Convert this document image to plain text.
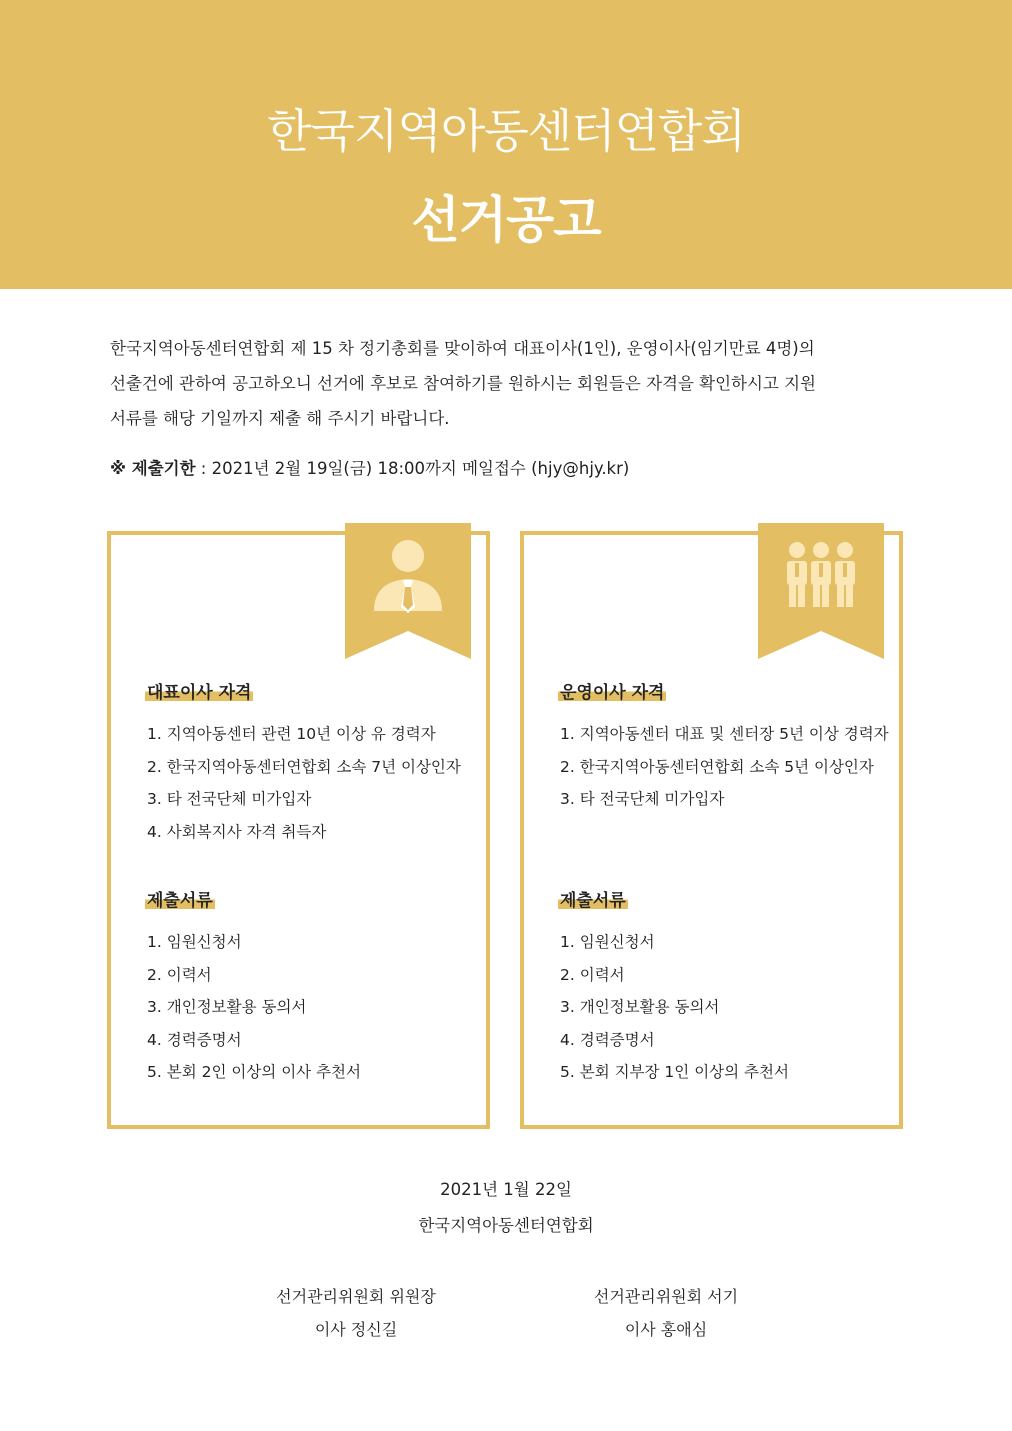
한국지역아동센터연합회
선거공고

한국지역아동센터연합회 제 15 차 정기총회를 맞이하여 대표이사(1인), 운영이사(임기만료 4명)의

선출건에 관하여 공고하오니 선거에 후보로 참여하기를 원하시는 회원들은 자격을 확인하시고 지원

서류를 해당 기일까지 제출 해 주시기 바랍니다.

※ 제출기한 : 2021년 2월 19일(금) 18:00까지 메일접수 (hjy@hjy.kr)
대표이사 자격
1. 지역아동센터 관련 10년 이상 유 경력자
2. 한국지역아동센터연합회 소속 7년 이상인자
3. 타 전국단체 미가입자
4. 사회복지사 자격 취득자
제출서류
1. 임원신청서
2. 이력서
3. 개인정보활용 동의서
4. 경력증명서
5. 본회 2인 이상의 이사 추천서
운영이사 자격
1. 지역아동센터 대표 및 센터장 5년 이상 경력자
2. 한국지역아동센터연합회 소속 5년 이상인자
3. 타 전국단체 미가입자
제출서류
1. 임원신청서
2. 이력서
3. 개인정보활용 동의서
4. 경력증명서
5. 본회 지부장 1인 이상의 추천서
2021년 1월 22일
한국지역아동센터연합회
선거관리위원회 위원장
이사 정신길
선거관리위원회 서기
이사 홍애심
